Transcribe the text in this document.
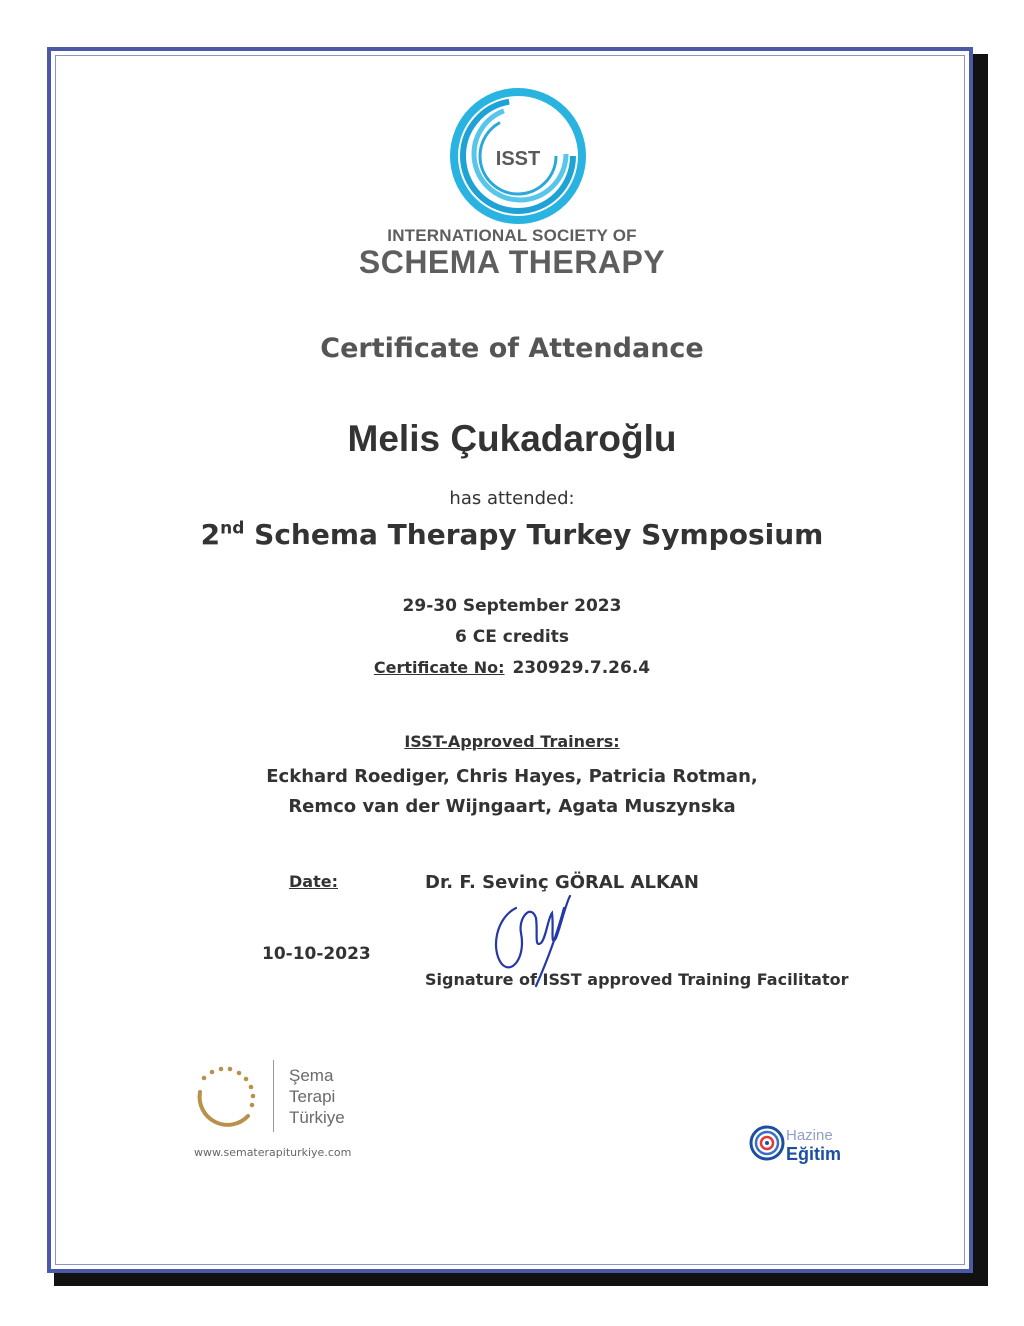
ISST
INTERNATIONAL SOCIETY OF
SCHEMA THERAPY
Certificate of Attendance
Melis Çukadaroğlu
has attended:
2nd Schema Therapy Turkey Symposium
29-30 September 2023
6 CE credits
Certificate No: 230929.7.26.4
ISST-Approved Trainers:
Eckhard Roediger, Chris Hayes, Patricia Rotman,
Remco van der Wijngaart, Agata Muszynska
Date:
10-10-2023
Dr. F. Sevinç GÖRAL ALKAN
Signature of ISST approved Training Facilitator
Şema
Terapi
Türkiye
www.sematerapiturkiye.com
Hazine
Eğitim
